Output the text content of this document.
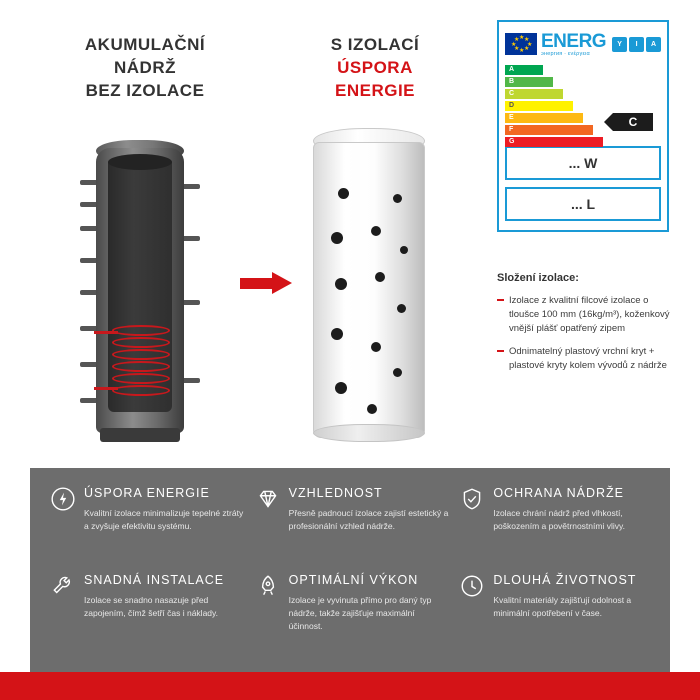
AKUMULAČNÍ
NÁDRŽ
BEZ IZOLACE
S IZOLACÍ
ÚSPORA
ENERGIE
★
★ ★
★ ★
★ ★
★ ENERG
энергия · ενέργεια
Y	I	A
A
B
C
D
E
F
G
C
... W
... L
Složení izolace:
Izolace z kvalitní filcové izolace o tloušce 100 mm (16kg/m³), koženkový vnější plášť opatřený zipem
Odnimatelný plastový vrchní kryt + plastové kryty kolem vývodů z nádrže
ÚSPORA ENERGIE
Kvalitní izolace minimalizuje tepelné ztráty a zvyšuje efektivitu systému.
VZHLEDNOST
Přesně padnoucí izolace zajistí estetický a profesionální vzhled nádrže.
OCHRANA NÁDRŽE
Izolace chrání nádrž před vlhkostí, poškozením a povětrnostními vlivy.
SNADNÁ INSTALACE
Izolace se snadno nasazuje před zapojením, čímž šetří čas i náklady.
OPTIMÁLNÍ VÝKON
Izolace je vyvinuta přímo pro daný typ nádrže, takže zajišťuje maximální účinnost.
DLOUHÁ ŽIVOTNOST
Kvalitní materiály zajišťují odolnost a minimální opotřebení v čase.
